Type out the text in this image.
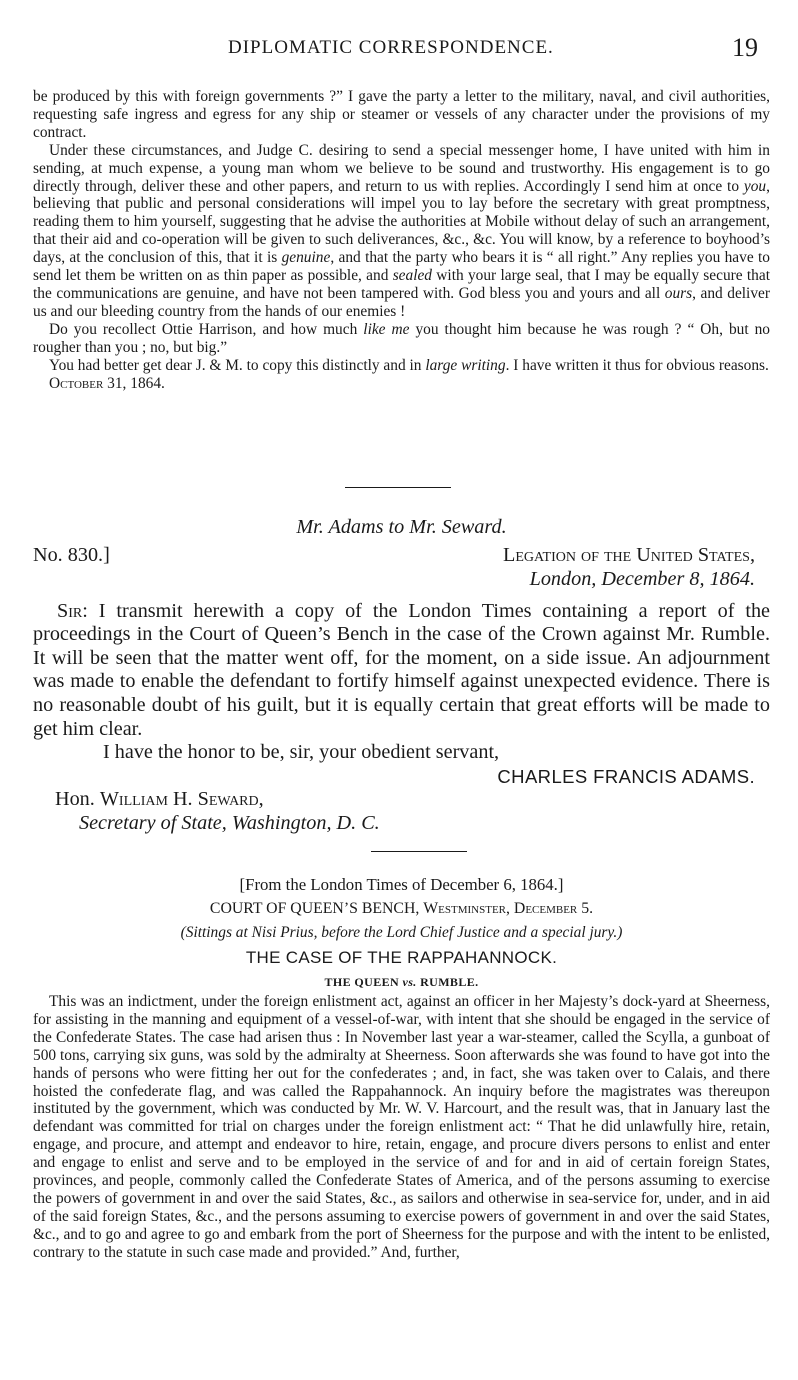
DIPLOMATIC CORRESPONDENCE.	19

be produced by this with foreign governments ?” I gave the party a letter to the military, naval, and civil authorities, requesting safe ingress and egress for any ship or steamer or vessels of any character under the provisions of my contract.

Under these circumstances, and Judge C. desiring to send a special messenger home, I have united with him in sending, at much expense, a young man whom we believe to be sound and trustworthy. His engagement is to go directly through, deliver these and other papers, and return to us with replies. Accordingly I send him at once to you, believing that public and personal considerations will impel you to lay before the secretary with great promptness, reading them to him yourself, suggesting that he advise the authorities at Mobile without delay of such an arrangement, that their aid and co-operation will be given to such deliverances, &c., &c. You will know, by a reference to boyhood’s days, at the conclusion of this, that it is genuine, and that the party who bears it is “ all right.” Any replies you have to send let them be written on as thin paper as possible, and sealed with your large seal, that I may be equally secure that the communications are genuine, and have not been tampered with. God bless you and yours and all ours, and deliver us and our bleeding country from the hands of our enemies !

Do you recollect Ottie Harrison, and how much like me you thought him because he was rough ? “ Oh, but no rougher than you ; no, but big.”

You had better get dear J. & M. to copy this distinctly and in large writing. I have written it thus for obvious reasons.

October 31, 1864.

Mr. Adams to Mr. Seward.

No. 830.]	Legation of the United States,
London, December 8, 1864.

Sir: I transmit herewith a copy of the London Times containing a report of the proceedings in the Court of Queen’s Bench in the case of the Crown against Mr. Rumble. It will be seen that the matter went off, for the moment, on a side issue. An adjournment was made to enable the defendant to fortify himself against unexpected evidence. There is no reasonable doubt of his guilt, but it is equally certain that great efforts will be made to get him clear.

I have the honor to be, sir, your obedient servant,

CHARLES FRANCIS ADAMS.

Hon. William H. Seward,

Secretary of State, Washington, D. C.

[From the London Times of December 6, 1864.]

COURT OF QUEEN’S BENCH, Westminster, December 5.

(Sittings at Nisi Prius, before the Lord Chief Justice and a special jury.)

THE CASE OF THE RAPPAHANNOCK.

THE QUEEN vs. RUMBLE.

This was an indictment, under the foreign enlistment act, against an officer in her Majesty’s dock-yard at Sheerness, for assisting in the manning and equipment of a vessel-of-war, with intent that she should be engaged in the service of the Confederate States. The case had arisen thus : In November last year a war-steamer, called the Scylla, a gunboat of 500 tons, carrying six guns, was sold by the admiralty at Sheerness. Soon afterwards she was found to have got into the hands of persons who were fitting her out for the confederates ; and, in fact, she was taken over to Calais, and there hoisted the confederate flag, and was called the Rappahannock. An inquiry before the magistrates was thereupon instituted by the government, which was conducted by Mr. W. V. Harcourt, and the result was, that in January last the defendant was committed for trial on charges under the foreign enlistment act: “ That he did unlawfully hire, retain, engage, and procure, and attempt and endeavor to hire, retain, engage, and procure divers persons to enlist and enter and engage to enlist and serve and to be employed in the service of and for and in aid of certain foreign States, provinces, and people, commonly called the Confederate States of America, and of the persons assuming to exercise the powers of government in and over the said States, &c., as sailors and otherwise in sea-service for, under, and in aid of the said foreign States, &c., and the persons assuming to exercise powers of government in and over the said States, &c., and to go and agree to go and embark from the port of Sheerness for the purpose and with the intent to be enlisted, contrary to the statute in such case made and provided.” And, further,
